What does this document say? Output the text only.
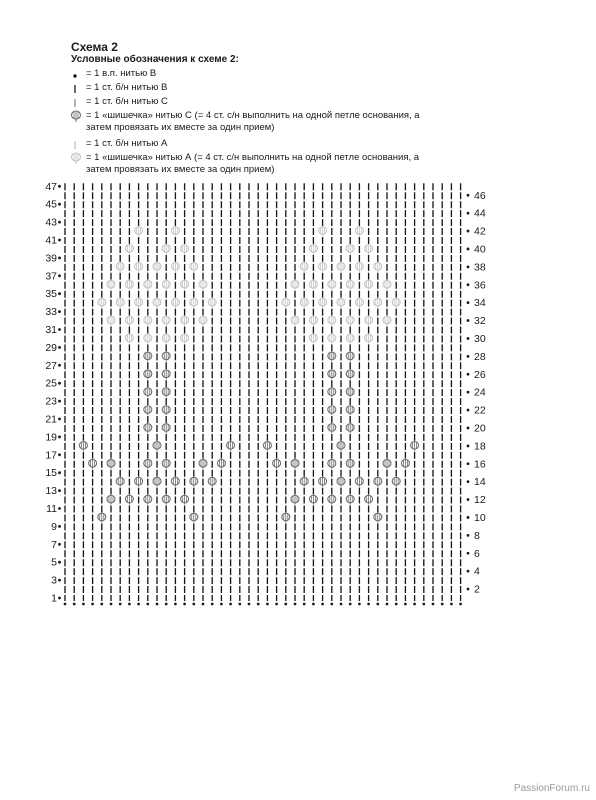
Схема 2
Условные обозначения к схеме 2:
= 1 в.п. нитью В
= 1 ст. б/н нитью В
= 1 ст. б/н нитью С
= 1 «шишечка» нитью С (= 4 ст. с/н выполнить на одной петле основания, а затем провязать их вместе за один прием)
= 1 ст. б/н нитью А
= 1 «шишечка» нитью А (= 4 ст. с/н выполнить на одной петле основания, а затем провязать их вместе за один прием)
1
3
5
7
9
11
13
15
17
19
21
23
25
27
29
31
33
35
37
39
41
43
45
47
2
4
6
8
10
12
14
16
18
20
22
24
26
28
30
32
34
36
38
40
42
44
46
PassionForum.ru
